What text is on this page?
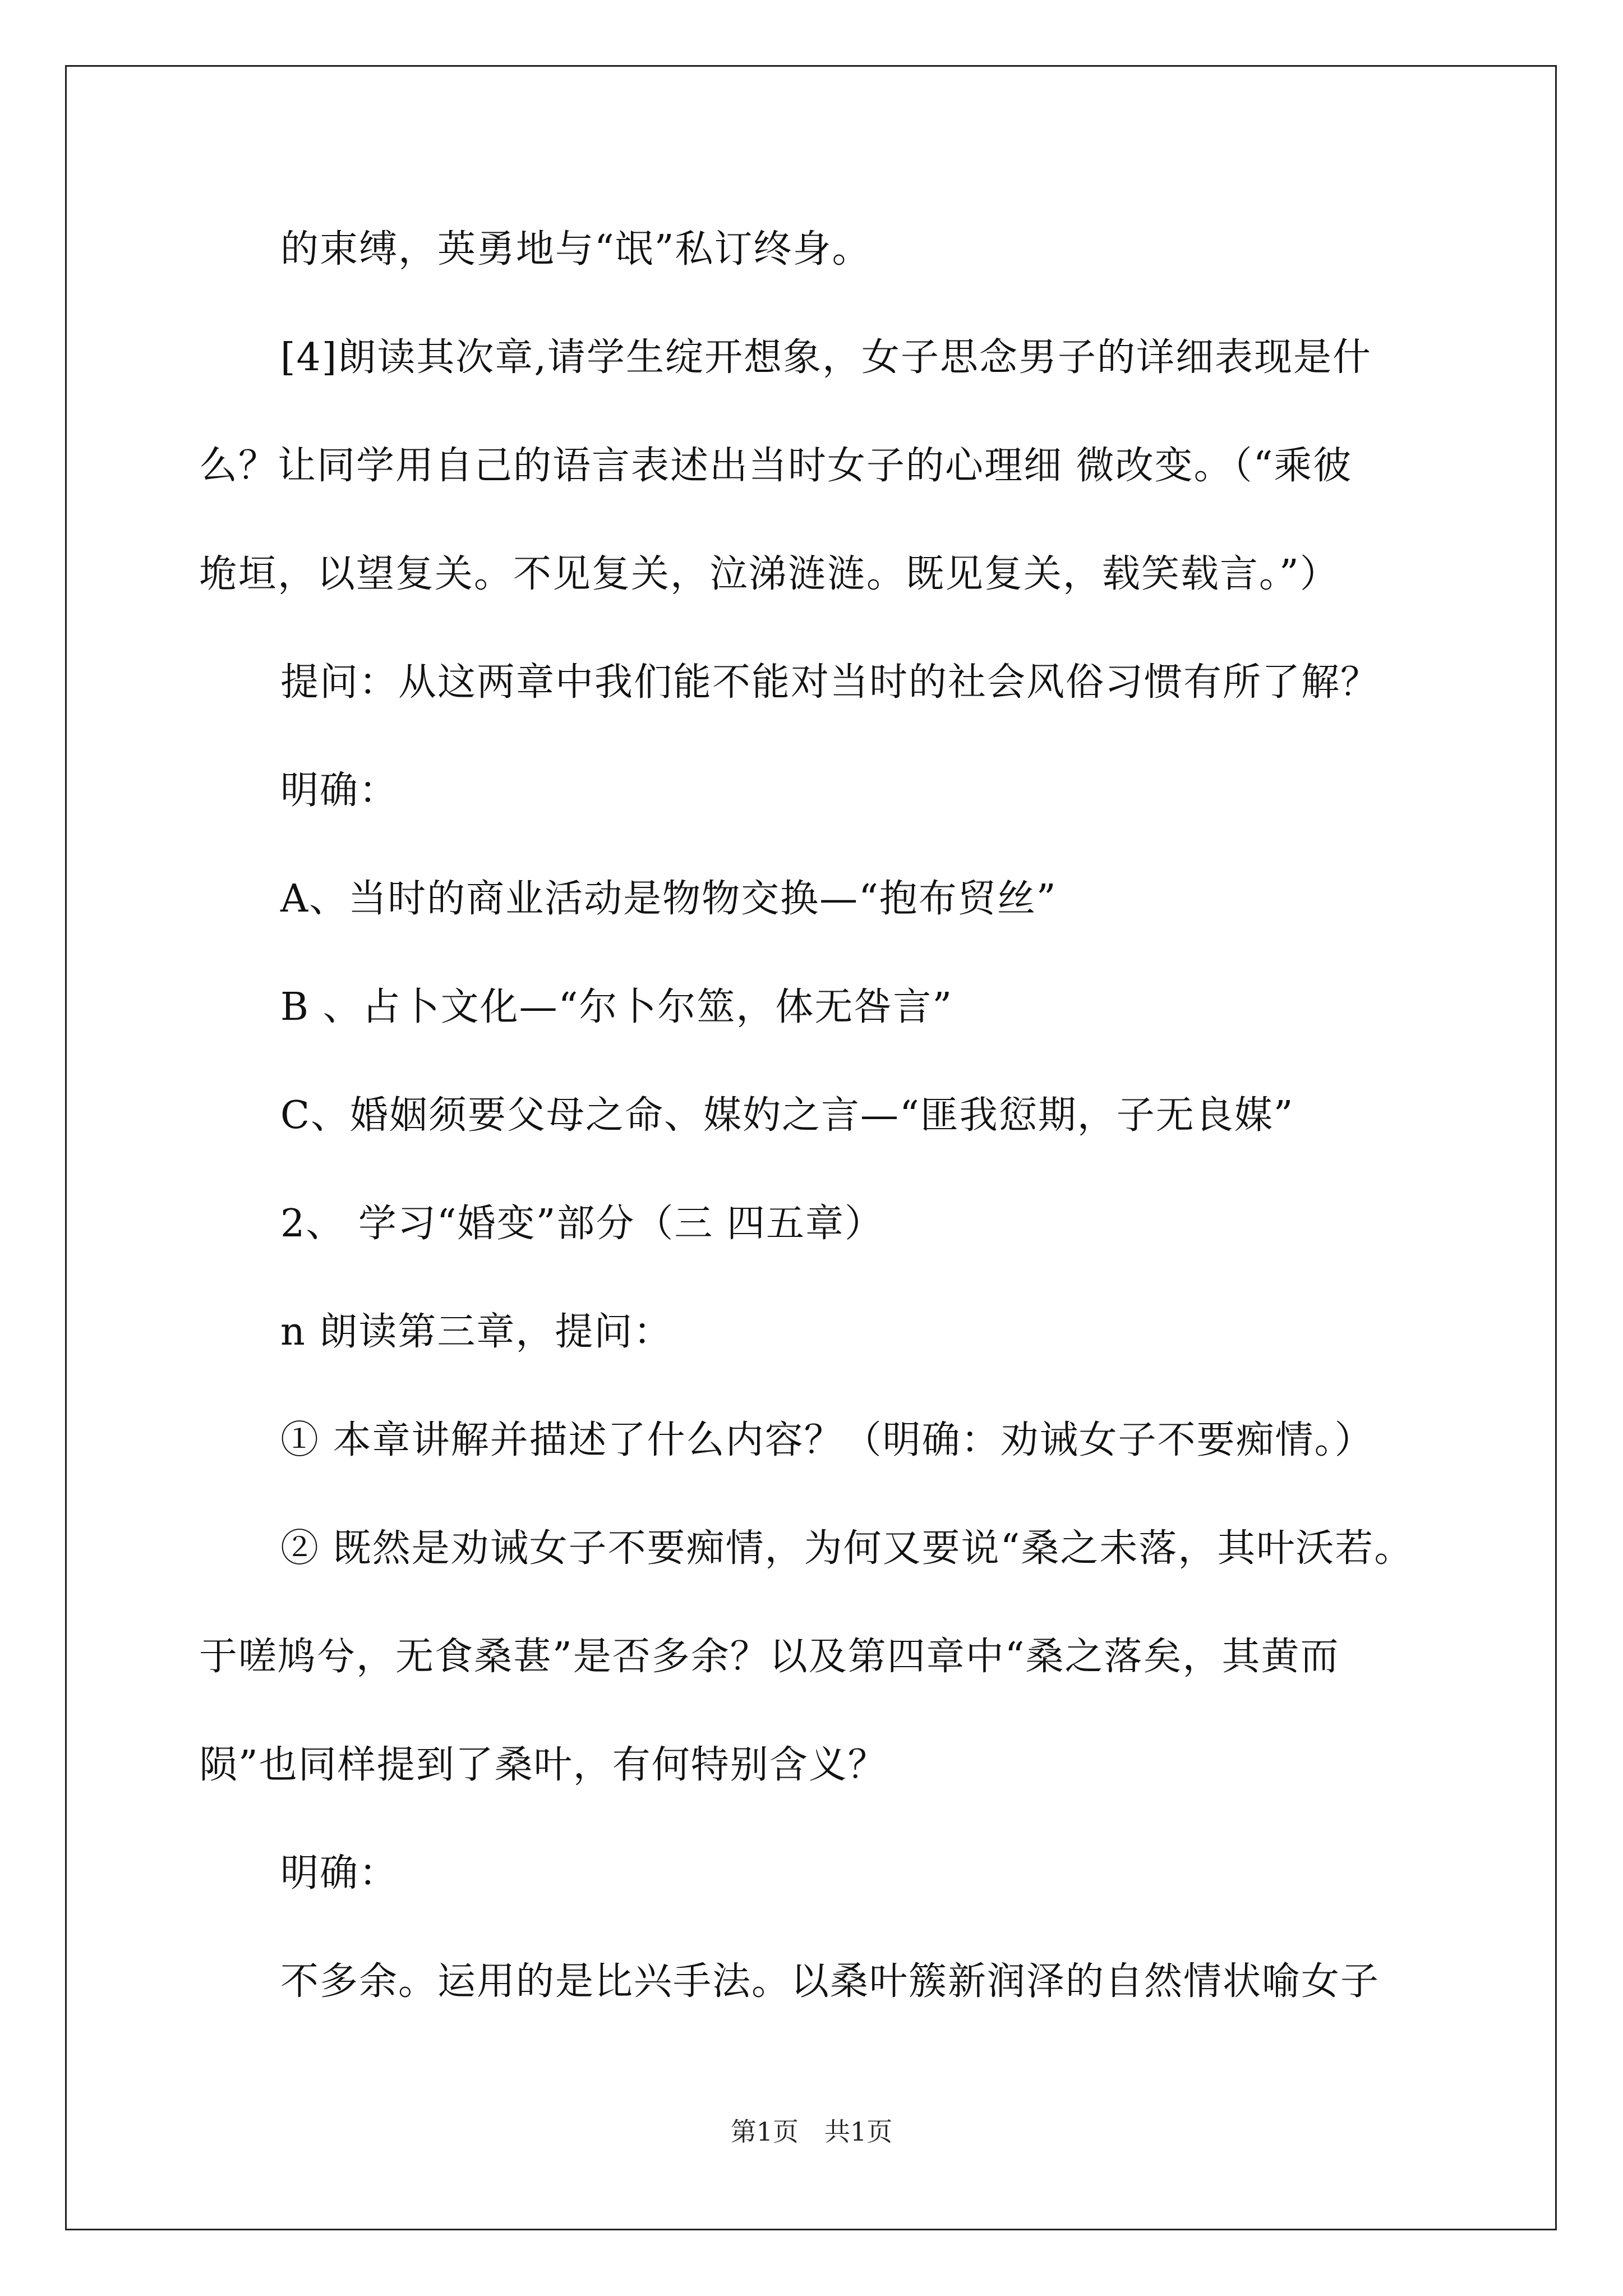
的束缚，英勇地与“氓”私订终身。
[4]朗读其次章,请学生绽开想象，女子思念男子的详细表现是什
么？让同学用自己的语言表述出当时女子的心理细 微改变。（“乘彼
垝垣，以望复关。不见复关，泣涕涟涟。既见复关，载笑载言。”）
提问：从这两章中我们能不能对当时的社会风俗习惯有所了解？
明确：
A、当时的商业活动是物物交换—“抱布贸丝”
B 、占卜文化—“尔卜尔筮，体无咎言”
C、婚姻须要父母之命、媒妁之言—“匪我愆期，子无良媒”
2、 学习“婚变”部分（三 四五章）
n 朗读第三章，提问：
① 本章讲解并描述了什么内容？（明确：劝诫女子不要痴情。）
② 既然是劝诫女子不要痴情，为何又要说“桑之未落，其叶沃若。
于嗟鸠兮，无食桑葚”是否多余？以及第四章中“桑之落矣，其黄而
陨”也同样提到了桑叶，有何特别含义？
明确：
不多余。运用的是比兴手法。以桑叶簇新润泽的自然情状喻女子
第1页　共1页
